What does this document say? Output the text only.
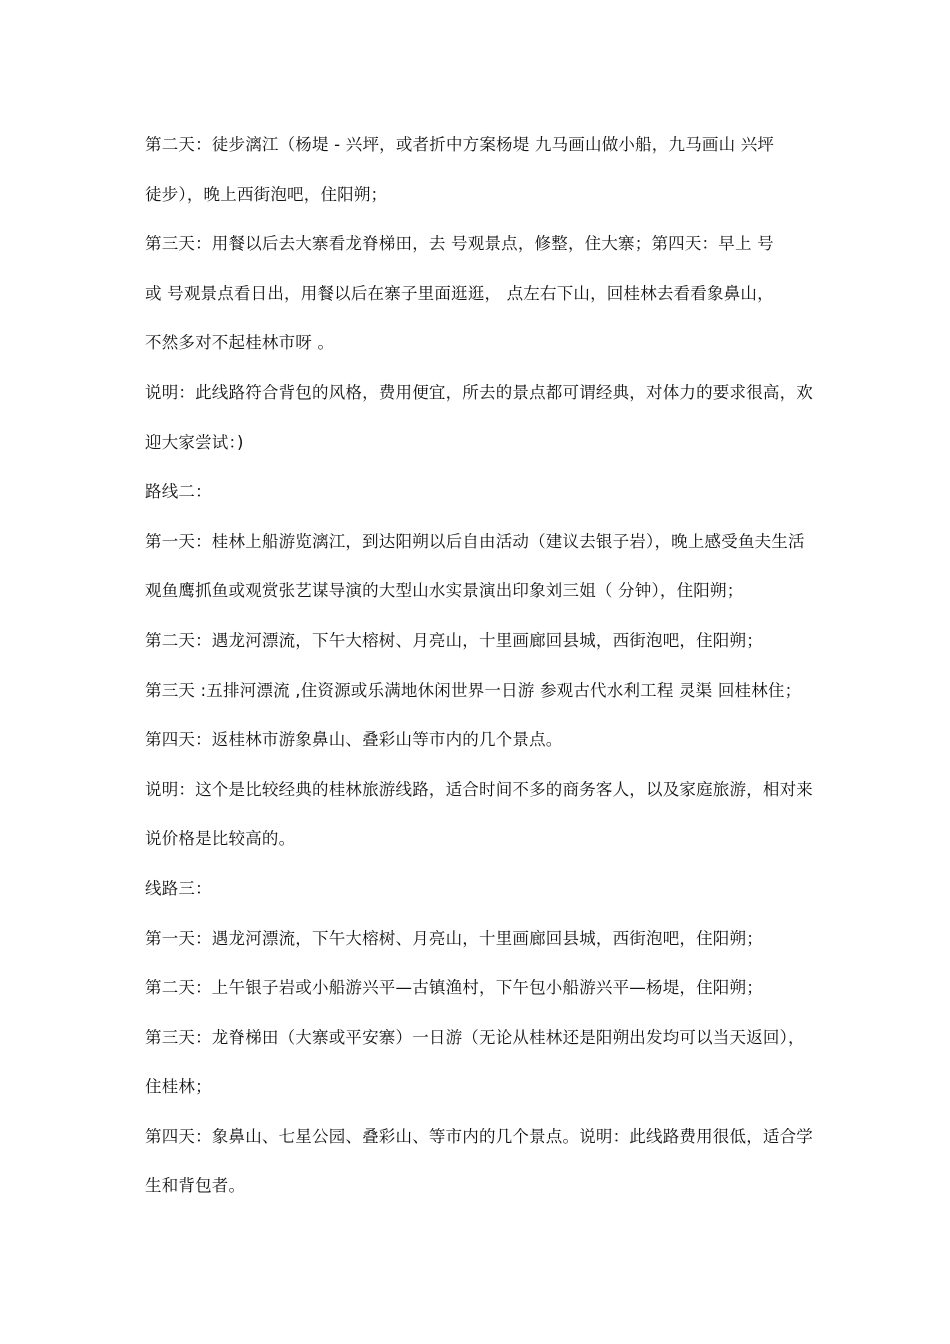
第二天：徒步漓江（杨堤 - 兴坪，或者折中方案杨堤 九马画山做小船，九马画山 兴坪
徒步），晚上西街泡吧，住阳朔；
第三天：用餐以后去大寨看龙脊梯田，去 号观景点，修整，住大寨；第四天：早上 号
或 号观景点看日出，用餐以后在寨子里面逛逛， 点左右下山，回桂林去看看象鼻山，
不然多对不起桂林市呀 。
说明：此线路符合背包的风格，费用便宜，所去的景点都可谓经典，对体力的要求很高，欢
迎大家尝试：)
路线二：
第一天：桂林上船游览漓江，到达阳朔以后自由活动（建议去银子岩），晚上感受鱼夫生活
观鱼鹰抓鱼或观赏张艺谋导演的大型山水实景演出印象刘三姐（ 分钟），住阳朔；
第二天：遇龙河漂流，下午大榕树、月亮山，十里画廊回县城，西街泡吧，住阳朔；
第三天 :五排河漂流 ,住资源或乐满地休闲世界一日游 参观古代水利工程 灵渠 回桂林住；
第四天：返桂林市游象鼻山、叠彩山等市内的几个景点。
说明：这个是比较经典的桂林旅游线路，适合时间不多的商务客人，以及家庭旅游，相对来
说价格是比较高的。
线路三：
第一天：遇龙河漂流，下午大榕树、月亮山，十里画廊回县城，西街泡吧，住阳朔；
第二天：上午银子岩或小船游兴平—古镇渔村，下午包小船游兴平—杨堤，住阳朔；
第三天：龙脊梯田（大寨或平安寨）一日游（无论从桂林还是阳朔出发均可以当天返回），
住桂林；
第四天：象鼻山、七星公园、叠彩山、等市内的几个景点。说明：此线路费用很低，适合学
生和背包者。
